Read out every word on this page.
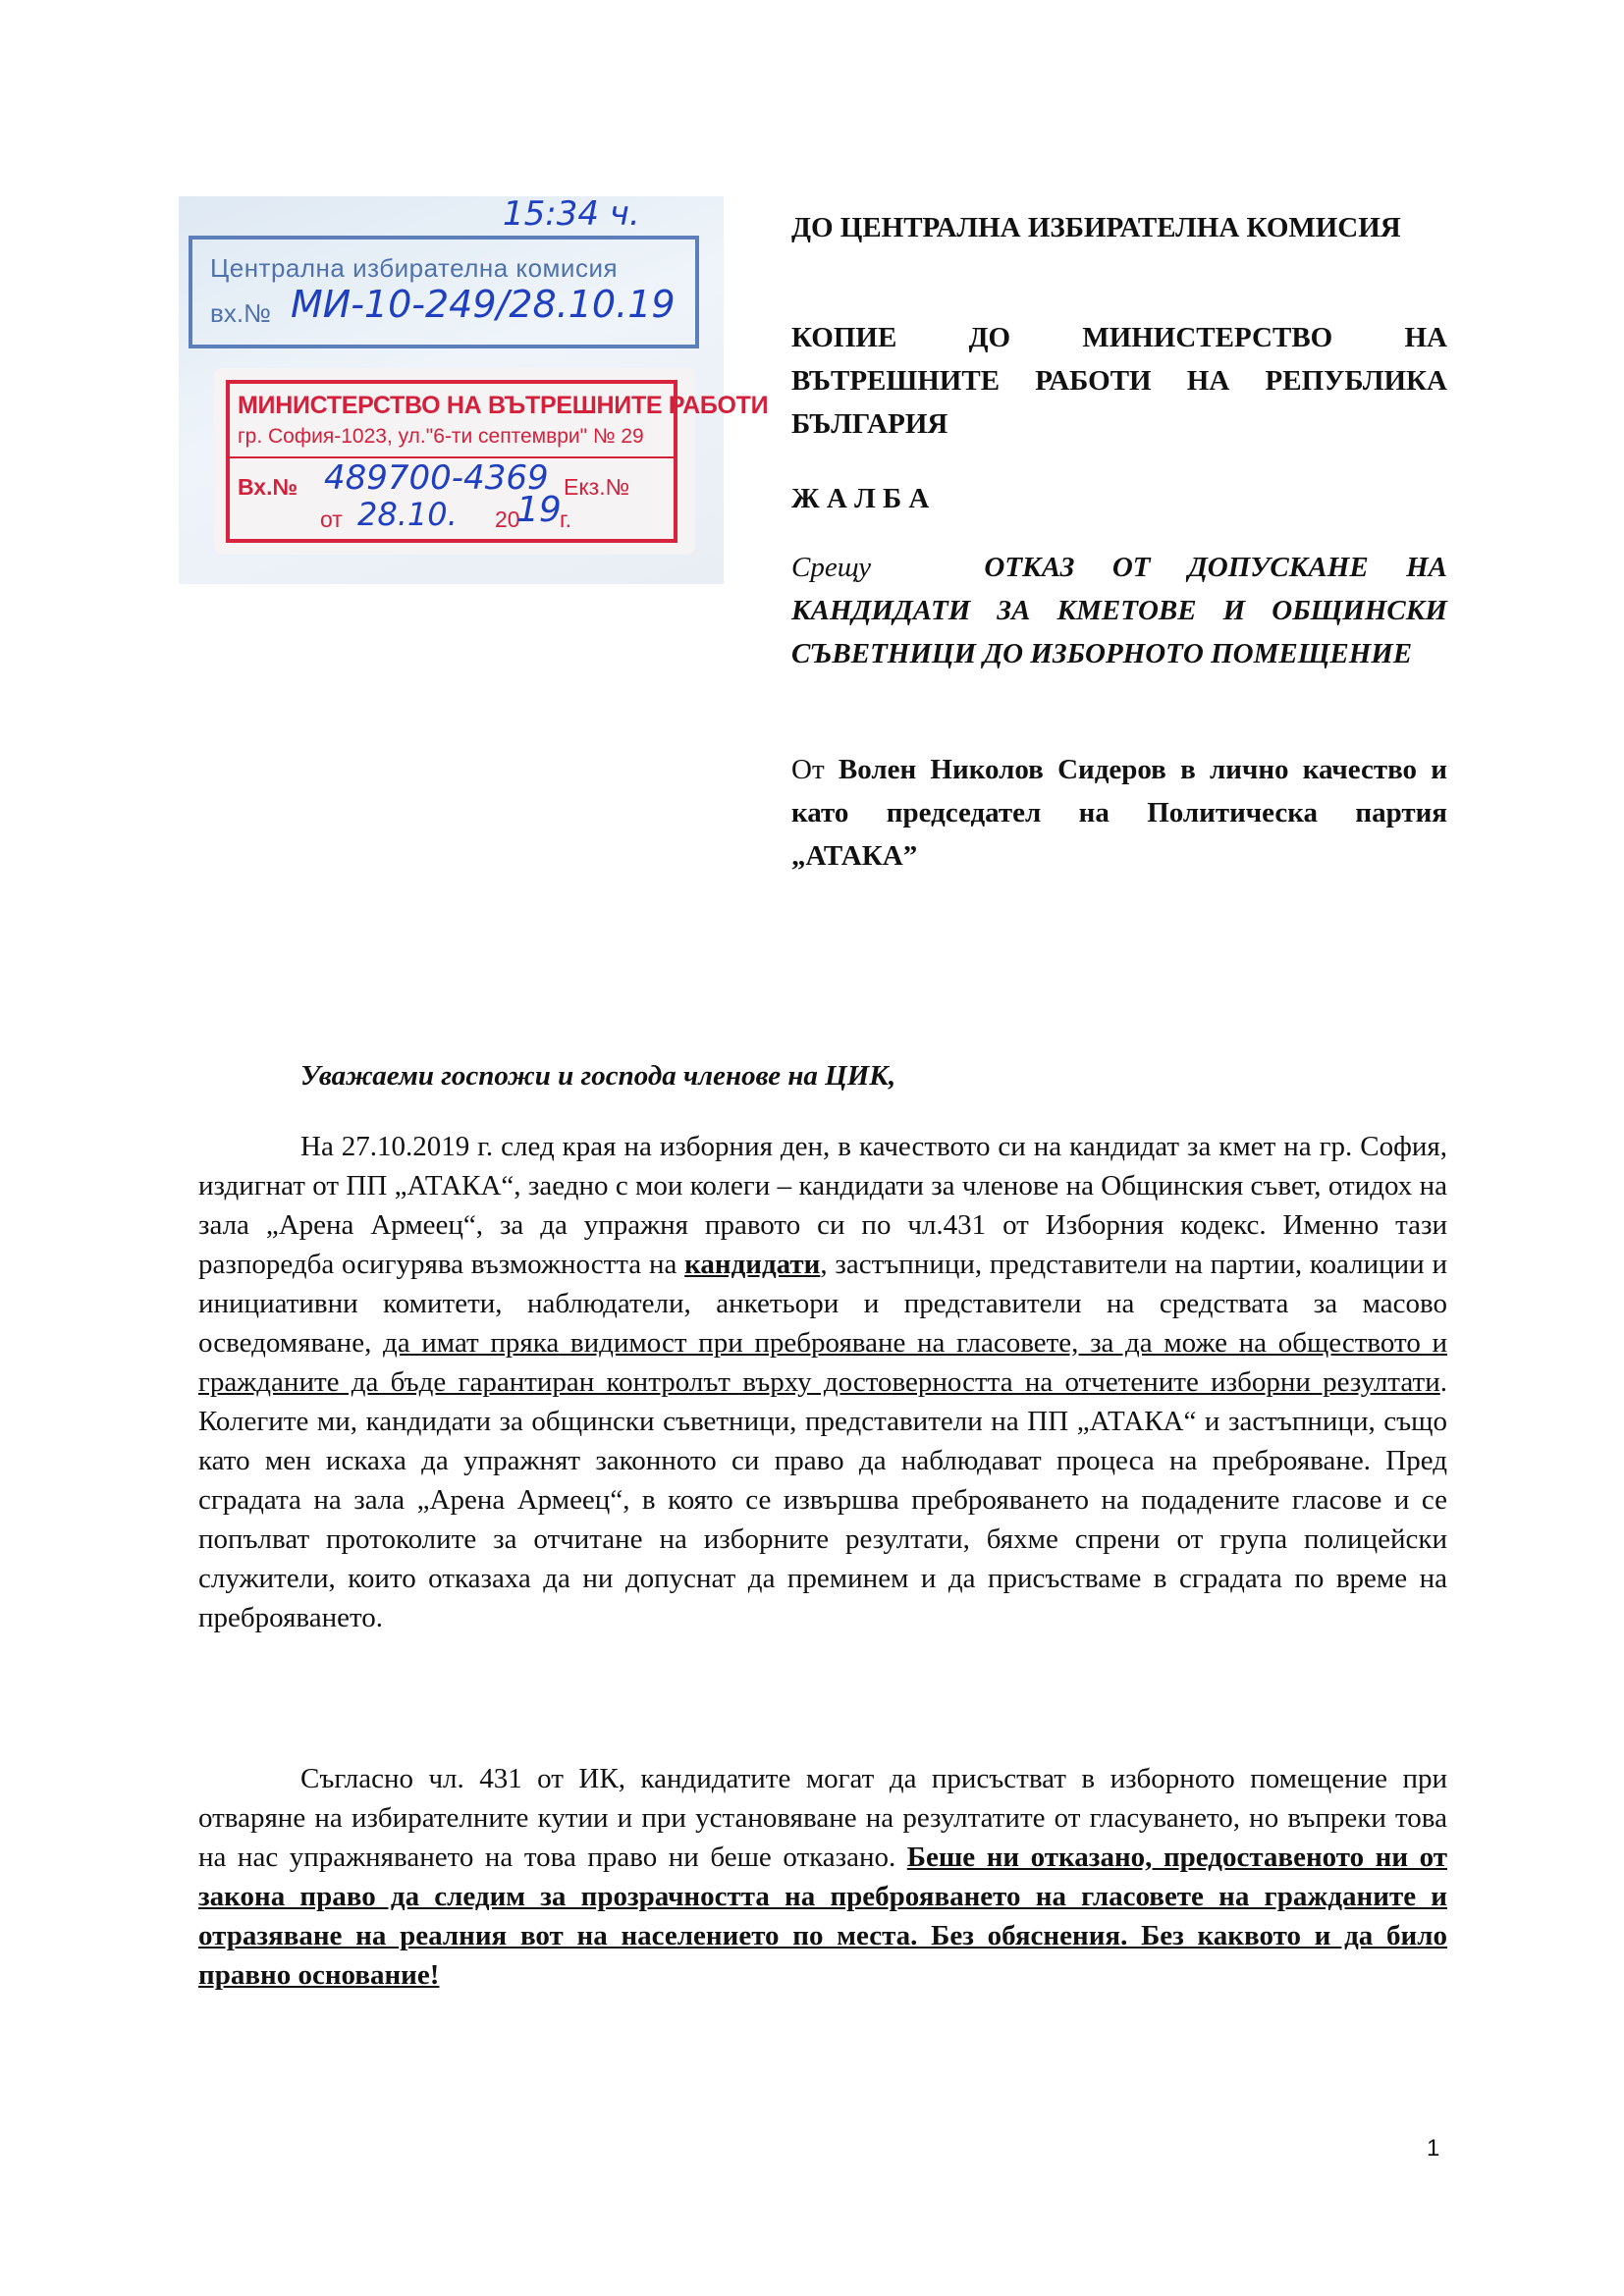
15:34 ч.
Централна избирателна комисия
вх.№ МИ-10-249/28.10.19
МИНИСТЕРСТВО НА ВЪТРЕШНИТЕ РАБОТИ
гр. София-1023, ул."6-ти септември" № 29
Вх.№ 489700-4369 Екз.№
от 28.10. 20
19
г.
ДО ЦЕНТРАЛНА ИЗБИРАТЕЛНА КОМИСИЯ
КОПИЕ ДО МИНИСТЕРСТВО НА ВЪТРЕШНИТЕ РАБОТИ НА РЕПУБЛИКА БЪЛГАРИЯ
Ж А Л Б А
Срещу	ОТКАЗ ОТ ДОПУСКАНЕ НА КАНДИДАТИ ЗА КМЕТОВЕ И ОБЩИНСКИ СЪВЕТНИЦИ ДО ИЗБОРНОТО ПОМЕЩЕНИЕ
От Волен Николов Сидеров в лично качество и като председател на Политическа партия „АТАКА”
Уважаеми госпожи и господа членове на ЦИК,

На 27.10.2019 г. след края на изборния ден, в качеството си на кандидат за кмет на гр. София, издигнат от ПП „АТАКА“, заедно с мои колеги – кандидати за членове на Общинския съвет, отидох на зала „Арена Армеец“, за да упражня правото си по чл.431 от Изборния кодекс. Именно тази разпоредба осигурява възможността на кандидати, застъпници, представители на партии, коалиции и инициативни комитети, наблюдатели, анкетьори и представители на средствата за масово осведомяване, да имат пряка видимост при преброяване на гласовете, за да може на обществото и гражданите да бъде гарантиран контролът върху достоверността на отчетените изборни резултати. Колегите ми, кандидати за общински съветници, представители на ПП „АТАКА“ и застъпници, също като мен искаха да упражнят законното си право да наблюдават процеса на преброяване. Пред сградата на зала „Арена Армеец“, в която се извършва преброяването на подадените гласове и се попълват протоколите за отчитане на изборните резултати, бяхме спрени от група полицейски служители, които отказаха да ни допуснат да преминем и да присъстваме в сградата по време на преброяването.

Съгласно чл. 431 от ИК, кандидатите могат да присъстват в изборното помещение при отваряне на избирателните кутии и при установяване на резултатите от гласуването, но въпреки това на нас упражняването на това право ни беше отказано. Беше ни отказано, предоставеното ни от закона право да следим за прозрачността на преброяването на гласовете на гражданите и отразяване на реалния вот на населението по места. Без обяснения. Без каквото и да било правно основание!

1
